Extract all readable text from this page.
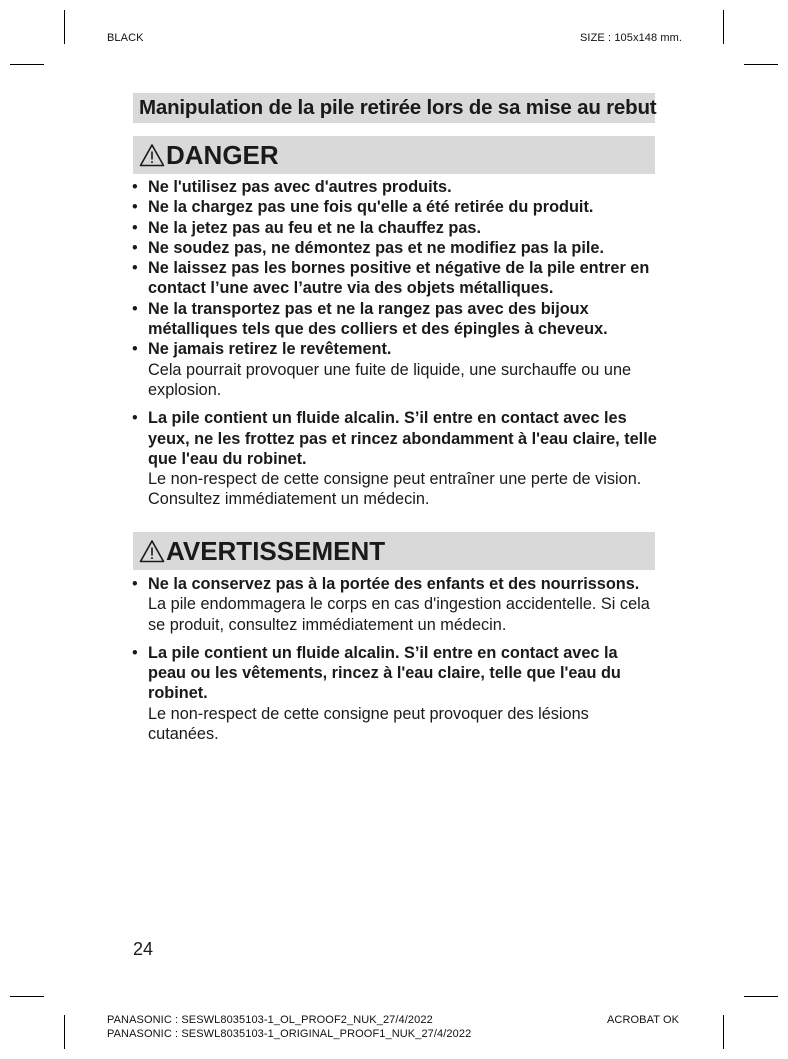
BLACK	SIZE : 105x148 mm.
Manipulation de la pile retirée lors de sa mise au rebut
DANGER
• Ne l'utilisez pas avec d'autres produits.
• Ne la chargez pas une fois qu'elle a été retirée du produit.
• Ne la jetez pas au feu et ne la chauffez pas.
• Ne soudez pas, ne démontez pas et ne modifiez pas la pile.
• Ne laissez pas les bornes positive et négative de la pile entrer en contact l’une avec l’autre via des objets métalliques.
• Ne la transportez pas et ne la rangez pas avec des bijoux métalliques tels que des colliers et des épingles à cheveux.
• Ne jamais retirez le revêtement.
Cela pourrait provoquer une fuite de liquide, une surchauffe ou une explosion.
• La pile contient un fluide alcalin. S’il entre en contact avec les yeux, ne les frottez pas et rincez abondamment à l'eau claire, telle que l'eau du robinet.
Le non-respect de cette consigne peut entraîner une perte de vision. Consultez immédiatement un médecin.
AVERTISSEMENT
• Ne la conservez pas à la portée des enfants et des nourrissons.
La pile endommagera le corps en cas d'ingestion accidentelle. Si cela se produit, consultez immédiatement un médecin.
• La pile contient un fluide alcalin. S’il entre en contact avec la peau ou les vêtements, rincez à l'eau claire, telle que l'eau du robinet.
Le non-respect de cette consigne peut provoquer des lésions cutanées.
24
PANASONIC : SESWL8035103-1_OL_PROOF2_NUK_27/4/2022
PANASONIC : SESWL8035103-1_ORIGINAL_PROOF1_NUK_27/4/2022
ACROBAT OK
